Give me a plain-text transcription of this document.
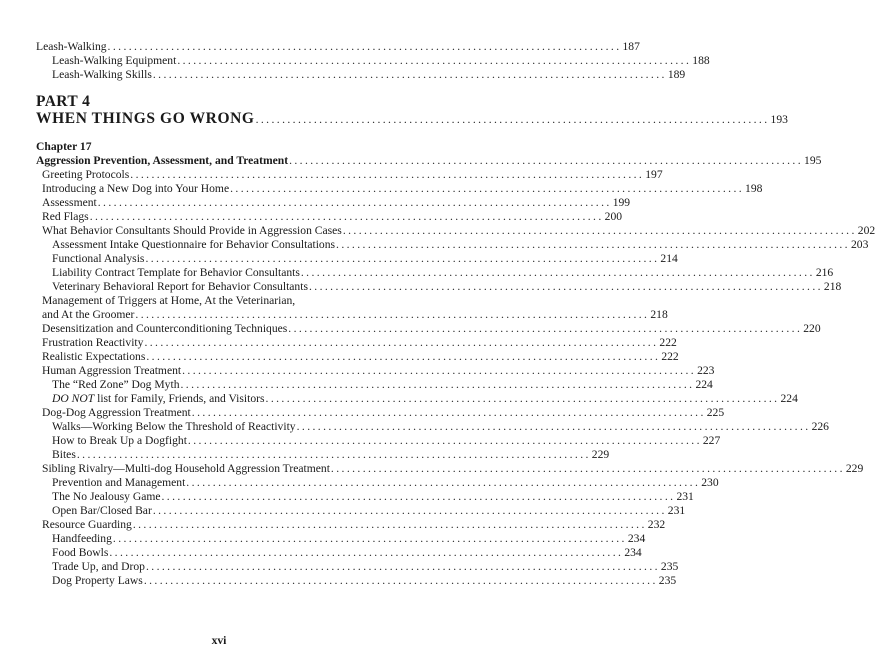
Leash-Walking ................................................................................................. 187
Leash-Walking Equipment ................................................................................................. 188
Leash-Walking Skills ................................................................................................. 189
PART 4
WHEN THINGS GO WRONG ................................................................................................. 193
Chapter 17
Aggression Prevention, Assessment, and Treatment ................................................................................................. 195
Greeting Protocols ................................................................................................. 197
Introducing a New Dog into Your Home ................................................................................................. 198
Assessment ................................................................................................. 199
Red Flags ................................................................................................. 200
What Behavior Consultants Should Provide in Aggression Cases ................................................................................................. 202
Assessment Intake Questionnaire for Behavior Consultations ................................................................................................. 203
Functional Analysis ................................................................................................. 214
Liability Contract Template for Behavior Consultants ................................................................................................. 216
Veterinary Behavioral Report for Behavior Consultants ................................................................................................. 218
Management of Triggers at Home, At the Veterinarian,
and At the Groomer ................................................................................................. 218
Desensitization and Counterconditioning Techniques ................................................................................................. 220
Frustration Reactivity ................................................................................................. 222
Realistic Expectations ................................................................................................. 222
Human Aggression Treatment ................................................................................................. 223
The “Red Zone” Dog Myth ................................................................................................. 224
DO NOT list for Family, Friends, and Visitors ................................................................................................. 224
Dog-Dog Aggression Treatment ................................................................................................. 225
Walks—Working Below the Threshold of Reactivity ................................................................................................. 226
How to Break Up a Dogfight ................................................................................................. 227
Bites ................................................................................................. 229
Sibling Rivalry—Multi-dog Household Aggression Treatment ................................................................................................. 229
Prevention and Management ................................................................................................. 230
The No Jealousy Game ................................................................................................. 231
Open Bar/Closed Bar ................................................................................................. 231
Resource Guarding ................................................................................................. 232
Handfeeding ................................................................................................. 234
Food Bowls ................................................................................................. 234
Trade Up, and Drop ................................................................................................. 235
Dog Property Laws ................................................................................................. 235
xvi
